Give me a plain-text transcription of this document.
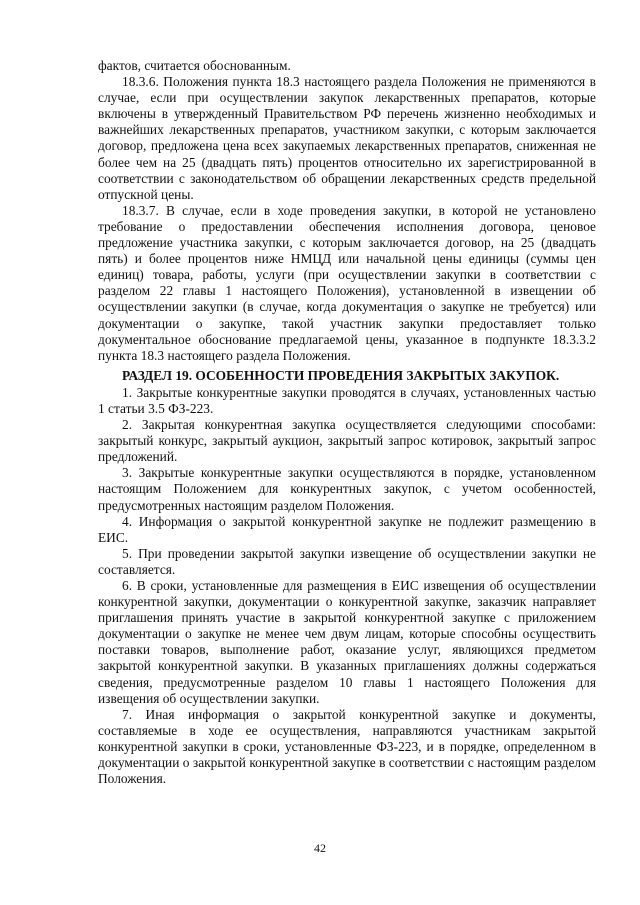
фактов, считается обоснованным.

18.3.6. Положения пункта 18.3 настоящего раздела Положения не применяются в случае, если при осуществлении закупок лекарственных препаратов, которые включены в утвержденный Правительством РФ перечень жизненно необходимых и важнейших лекарственных препаратов, участником закупки, с которым заключается договор, предложена цена всех закупаемых лекарственных препаратов, сниженная не более чем на 25 (двадцать пять) процентов относительно их зарегистрированной в соответствии с законодательством об обращении лекарственных средств предельной отпускной цены.

18.3.7. В случае, если в ходе проведения закупки, в которой не установлено требование о предоставлении обеспечения исполнения договора, ценовое предложение участника закупки, с которым заключается договор, на 25 (двадцать пять) и более процентов ниже НМЦД или начальной цены единицы (суммы цен единиц) товара, работы, услуги (при осуществлении закупки в соответствии с разделом 22 главы 1 настоящего Положения), установленной в извещении об осуществлении закупки (в случае, когда документация о закупке не требуется) или документации о закупке, такой участник закупки предоставляет только документальное обоснование предлагаемой цены, указанное в подпункте 18.3.3.2 пункта 18.3 настоящего раздела Положения.

РАЗДЕЛ 19. ОСОБЕННОСТИ ПРОВЕДЕНИЯ ЗАКРЫТЫХ ЗАКУПОК.

1. Закрытые конкурентные закупки проводятся в случаях, установленных частью 1 статьи 3.5 ФЗ-223.

2. Закрытая конкурентная закупка осуществляется следующими способами: закрытый конкурс, закрытый аукцион, закрытый запрос котировок, закрытый запрос предложений.

3. Закрытые конкурентные закупки осуществляются в порядке, установленном настоящим Положением для конкурентных закупок, с учетом особенностей, предусмотренных настоящим разделом Положения.

4. Информация о закрытой конкурентной закупке не подлежит размещению в ЕИС.

5. При проведении закрытой закупки извещение об осуществлении закупки не составляется.

6. В сроки, установленные для размещения в ЕИС извещения об осуществлении конкурентной закупки, документации о конкурентной закупке, заказчик направляет приглашения принять участие в закрытой конкурентной закупке с приложением документации о закупке не менее чем двум лицам, которые способны осуществить поставки товаров, выполнение работ, оказание услуг, являющихся предметом закрытой конкурентной закупки. В указанных приглашениях должны содержаться сведения, предусмотренные разделом 10 главы 1 настоящего Положения для извещения об осуществлении закупки.

7. Иная информация о закрытой конкурентной закупке и документы, составляемые в ходе ее осуществления, направляются участникам закрытой конкурентной закупки в сроки, установленные ФЗ-223, и в порядке, определенном в документации о закрытой конкурентной закупке в соответствии с настоящим разделом Положения.

42
